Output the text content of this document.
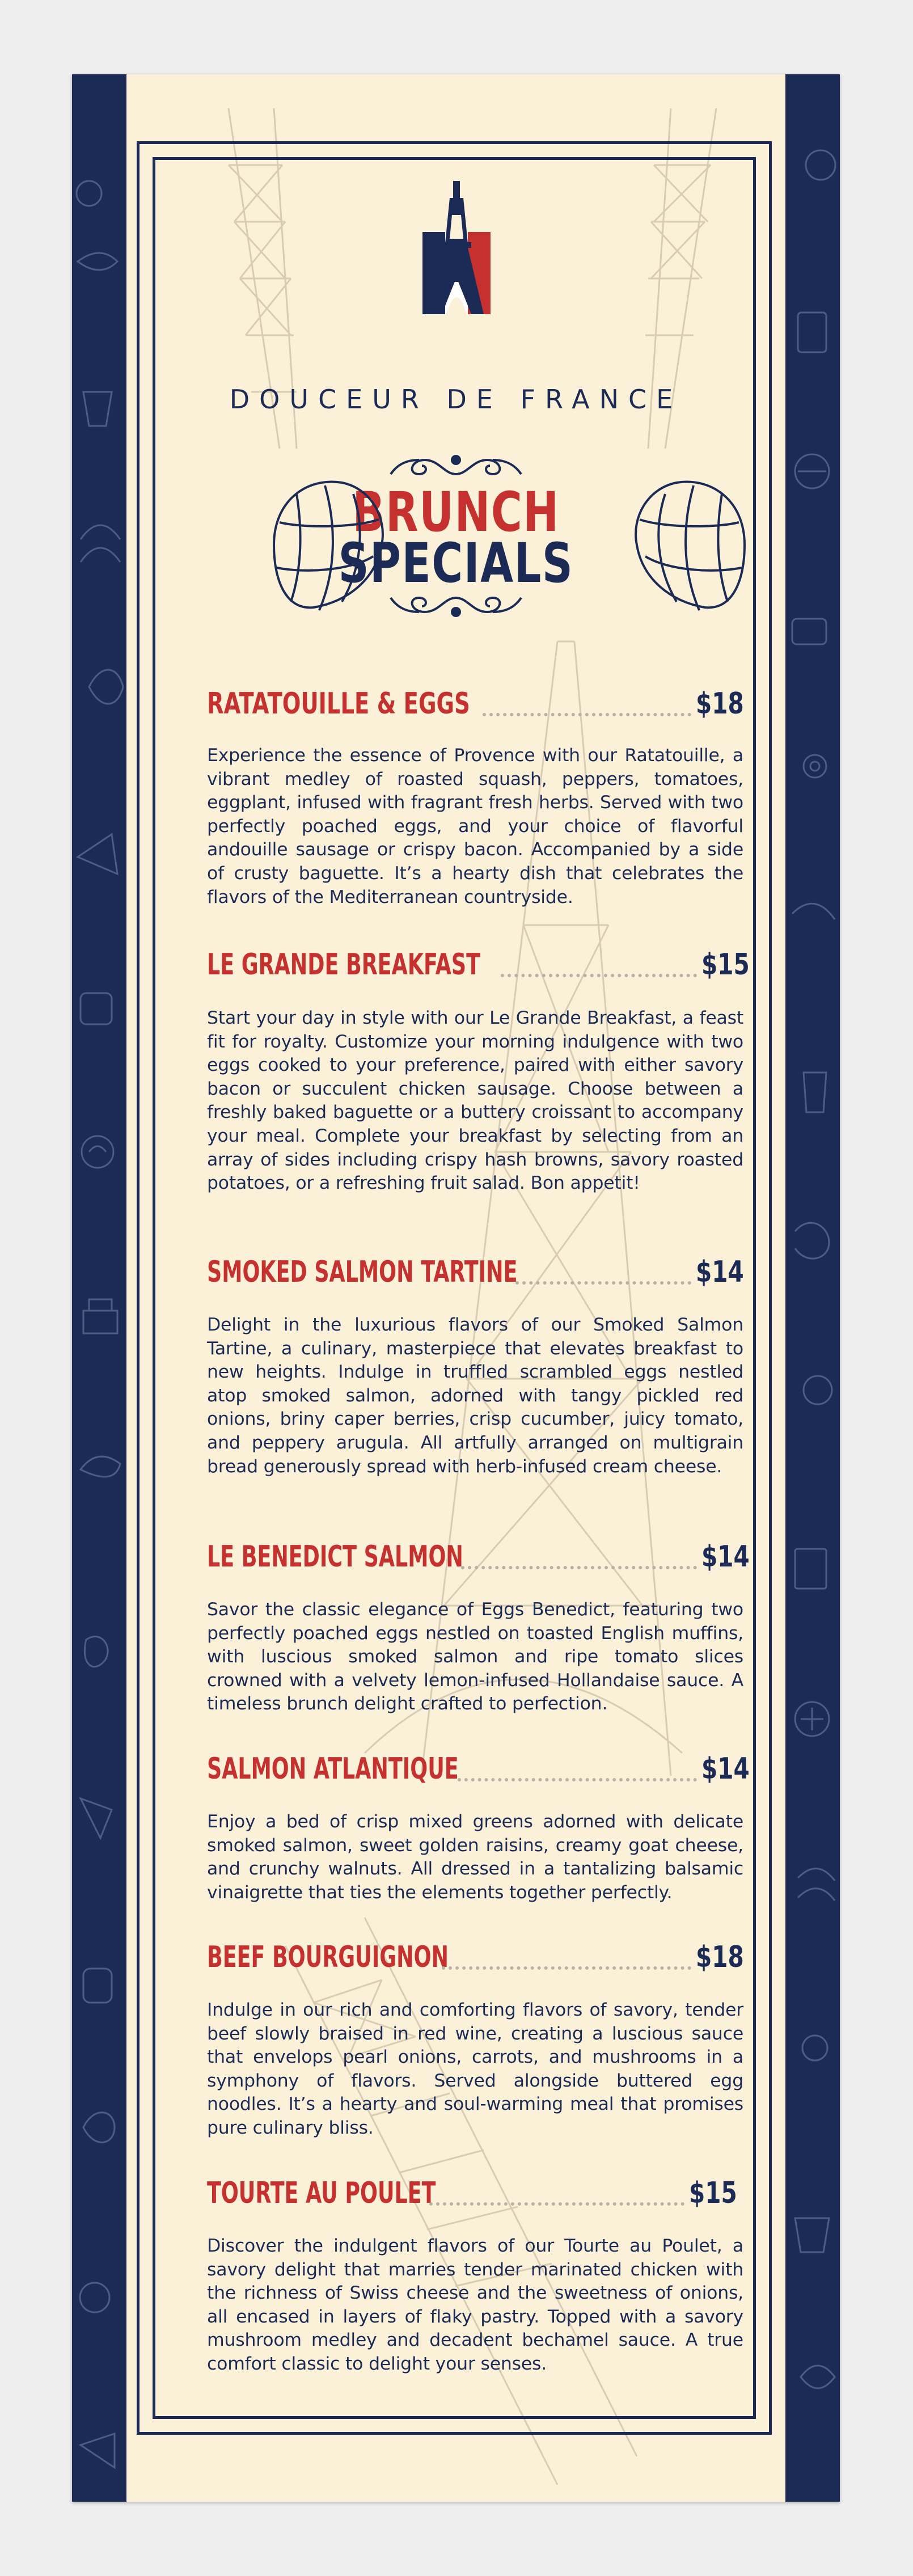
DOUCEUR DE FRANCE
BRUNCH
SPECIALS
RATATOUILLE & EGGS	$18

Experience the essence of Provence with our Ratatouille, a vibrant medley of roasted squash, peppers, tomatoes, eggplant, infused with fragrant fresh herbs. Served with two perfectly poached eggs, and your choice of flavorful andouille sausage or crispy bacon. Accompanied by a side of crusty baguette. It’s a hearty dish that celebrates the flavors of the Mediterranean countryside.

LE GRANDE BREAKFAST	$15

Start your day in style with our Le Grande Breakfast, a feast fit for royalty. Customize your morning indulgence with two eggs cooked to your preference, paired with either savory bacon or succulent chicken sausage. Choose between a freshly baked baguette or a buttery croissant to accompany your meal. Complete your breakfast by selecting from an array of sides including crispy hash browns, savory roasted potatoes, or a refreshing fruit salad. Bon appetit!

SMOKED SALMON TARTINE	$14

Delight in the luxurious flavors of our Smoked Salmon Tartine, a culinary, masterpiece that elevates breakfast to new heights. Indulge in truffled scrambled eggs nestled atop smoked salmon, adorned with tangy pickled red onions, briny caper berries, crisp cucumber, juicy tomato, and peppery arugula. All artfully arranged on multigrain bread generously spread with herb-infused cream cheese.

LE BENEDICT SALMON	$14

Savor the classic elegance of Eggs Benedict, featuring two perfectly poached eggs nestled on toasted English muffins, with luscious smoked salmon and ripe tomato slices crowned with a velvety lemon-infused Hollandaise sauce. A timeless brunch delight crafted to perfection.

SALMON ATLANTIQUE	$14

Enjoy a bed of crisp mixed greens adorned with delicate smoked salmon, sweet golden raisins, creamy goat cheese, and crunchy walnuts. All dressed in a tantalizing balsamic vinaigrette that ties the elements together perfectly.

BEEF BOURGUIGNON	$18

Indulge in our rich and comforting flavors of savory, tender beef slowly braised in red wine, creating a luscious sauce that envelops pearl onions, carrots, and mushrooms in a symphony of flavors. Served alongside buttered egg noodles. It’s a hearty and soul-warming meal that promises pure culinary bliss.

TOURTE AU POULET	$15

Discover the indulgent flavors of our Tourte au Poulet, a savory delight that marries tender marinated chicken with the richness of Swiss cheese and the sweetness of onions, all encased in layers of flaky pastry. Topped with a savory mushroom medley and decadent bechamel sauce. A true comfort classic to delight your senses.
